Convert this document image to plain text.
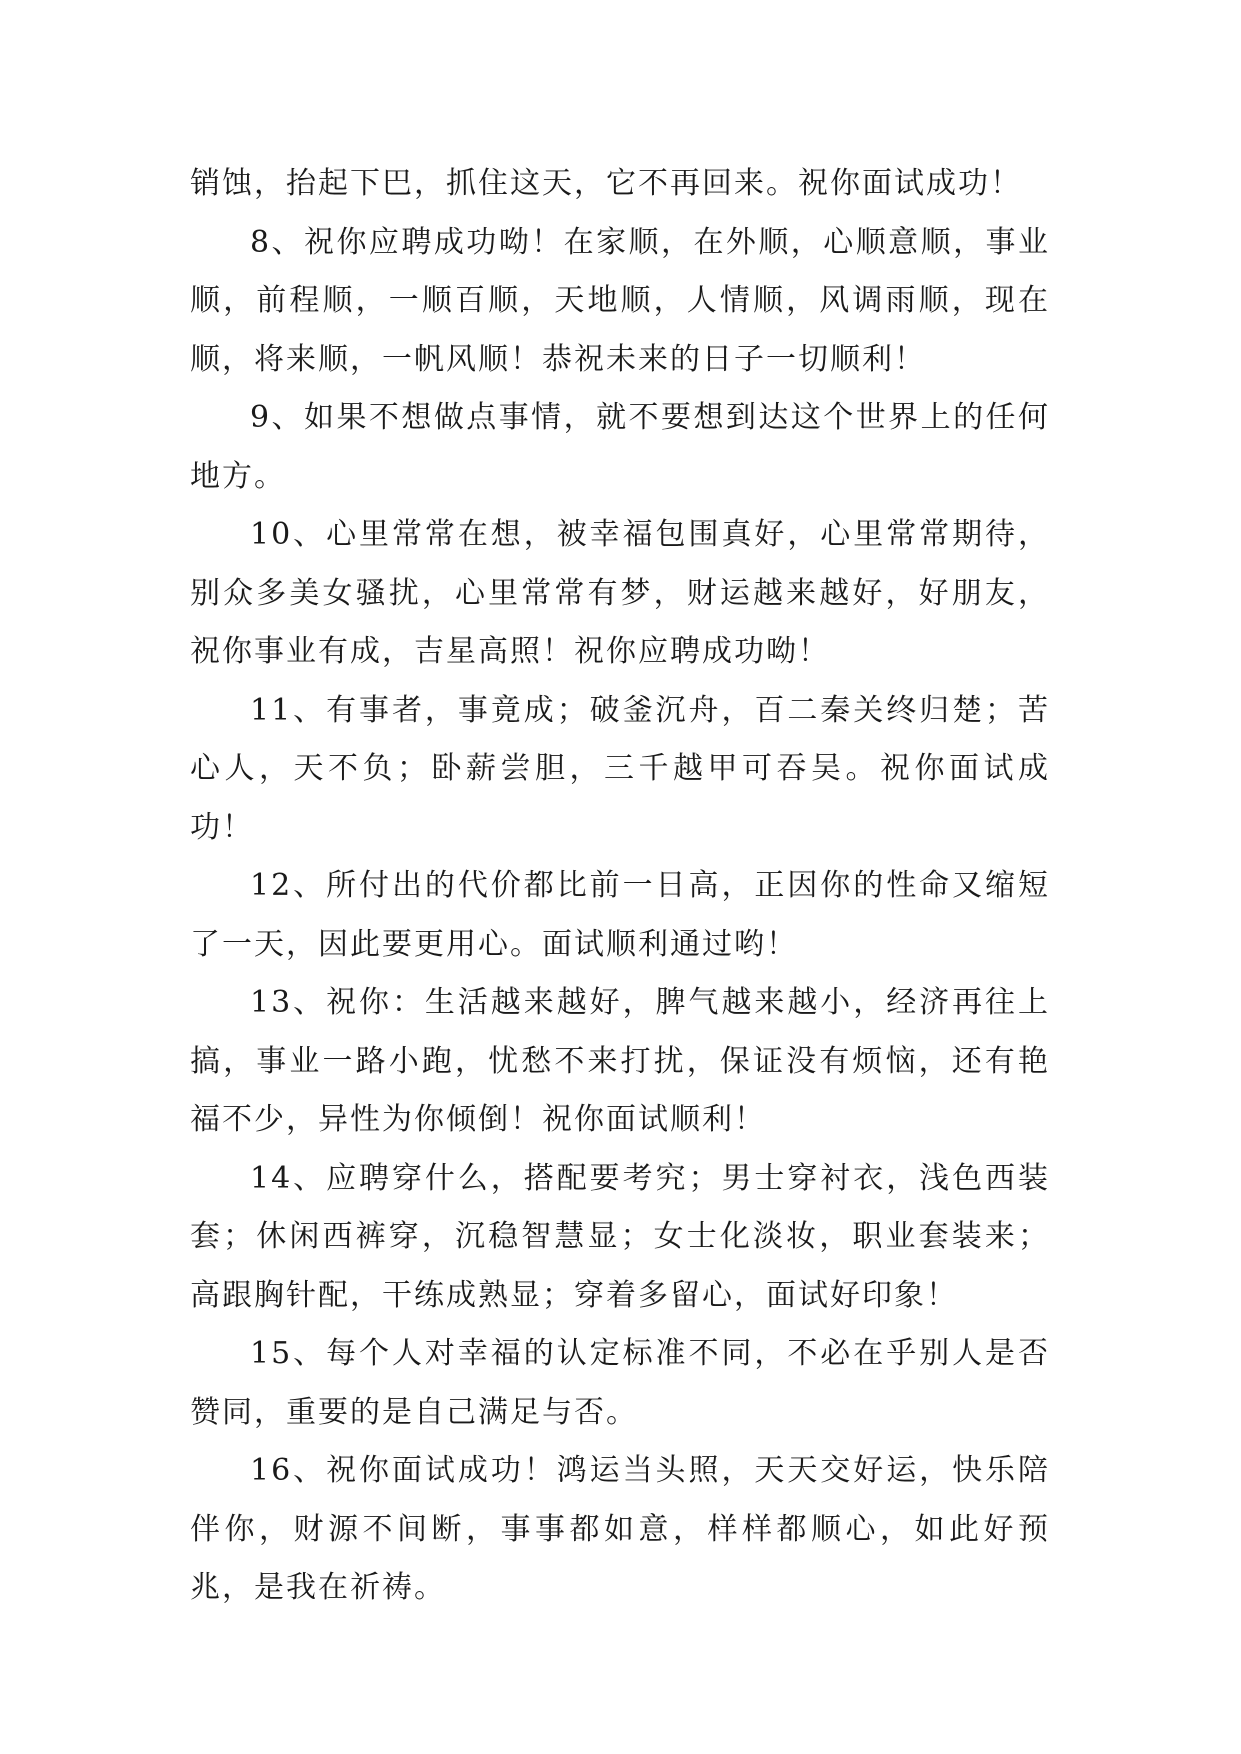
销蚀，抬起下巴，抓住这天，它不再回来。祝你面试成功！

8、祝你应聘成功呦！在家顺，在外顺，心顺意顺，事业顺，前程顺，一顺百顺，天地顺，人情顺，风调雨顺，现在顺，将来顺，一帆风顺！恭祝未来的日子一切顺利！

9、如果不想做点事情，就不要想到达这个世界上的任何地方。

10、心里常常在想，被幸福包围真好，心里常常期待，别众多美女骚扰，心里常常有梦，财运越来越好，好朋友，祝你事业有成，吉星高照！祝你应聘成功呦！

11、有事者，事竟成；破釜沉舟，百二秦关终归楚；苦心人，天不负；卧薪尝胆，三千越甲可吞吴。祝你面试成功！

12、所付出的代价都比前一日高，正因你的性命又缩短了一天，因此要更用心。面试顺利通过哟！

13、祝你：生活越来越好，脾气越来越小，经济再往上搞，事业一路小跑，忧愁不来打扰，保证没有烦恼，还有艳福不少，异性为你倾倒！祝你面试顺利！

14、应聘穿什么，搭配要考究；男士穿衬衣，浅色西装套；休闲西裤穿，沉稳智慧显；女士化淡妆，职业套装来；高跟胸针配，干练成熟显；穿着多留心，面试好印象！

15、每个人对幸福的认定标准不同，不必在乎别人是否赞同，重要的是自己满足与否。

16、祝你面试成功！鸿运当头照，天天交好运，快乐陪伴你，财源不间断，事事都如意，样样都顺心，如此好预兆，是我在祈祷。
